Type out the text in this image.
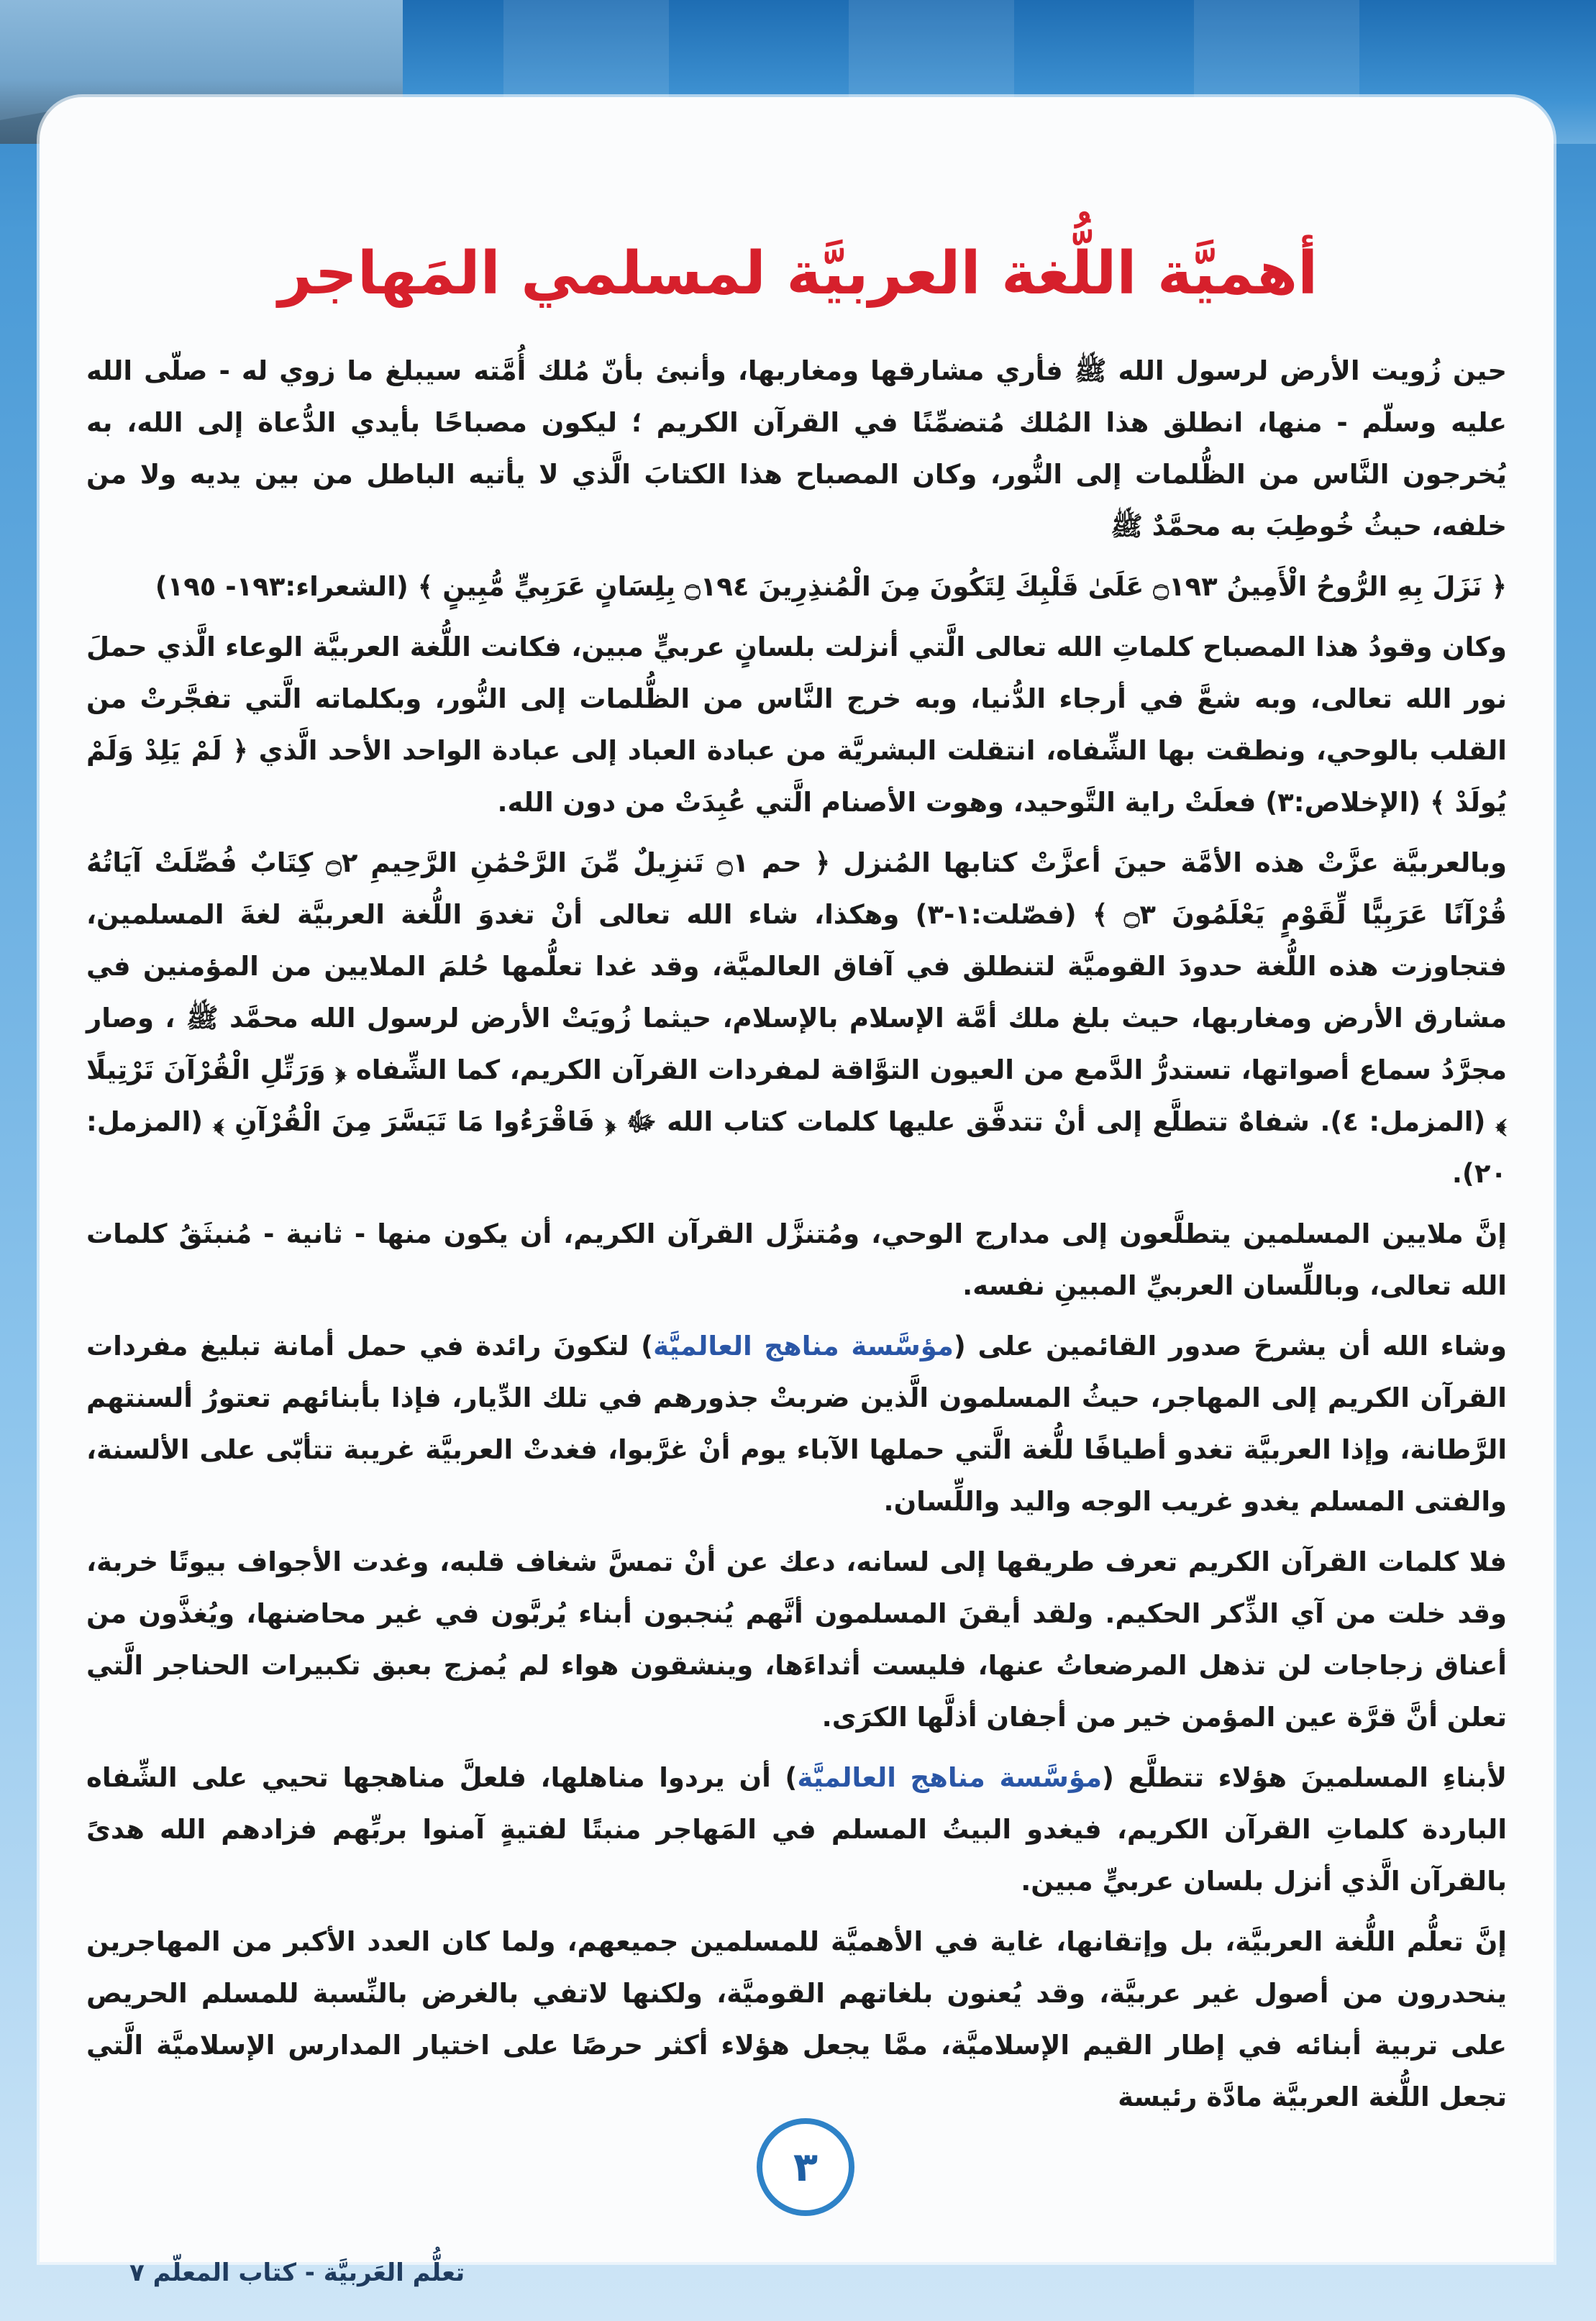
أهميَّة اللُّغة العربيَّة لمسلمي المَهاجر

حين زُويت الأرض لرسول الله ﷺ فأري مشارقها ومغاربها، وأنبئ بأنّ مُلك أُمَّته سيبلغ ما زوي له - صلّى الله عليه وسلّم - منها، انطلق هذا المُلك مُتضمِّنًا في القرآن الكريم ؛ ليكون مصباحًا بأيدي الدُّعاة إلى الله، به يُخرجون النَّاس من الظُّلمات إلى النُّور، وكان المصباح هذا الكتابَ الَّذي لا يأتيه الباطل من بين يديه ولا من خلفه، حيثُ خُوطِبَ به محمَّدٌ ﷺ

﴿ نَزَلَ بِهِ الرُّوحُ الْأَمِينُ ۝١٩٣ عَلَىٰ قَلْبِكَ لِتَكُونَ مِنَ الْمُنذِرِينَ ۝١٩٤ بِلِسَانٍ عَرَبِيٍّ مُّبِينٍ ﴾ (الشعراء:١٩٣- ١٩٥)

وكان وقودُ هذا المصباح كلماتِ الله تعالى الَّتي أنزلت بلسانٍ عربيٍّ مبين، فكانت اللُّغة العربيَّة الوعاء الَّذي حملَ نور الله تعالى، وبه شعَّ في أرجاء الدُّنيا، وبه خرج النَّاس من الظُّلمات إلى النُّور، وبكلماته الَّتي تفجَّرتْ من القلب بالوحي، ونطقت بها الشِّفاه، انتقلت البشريَّة من عبادة العباد إلى عبادة الواحد الأحد الَّذي ﴿ لَمْ يَلِدْ وَلَمْ يُولَدْ ﴾ (الإخلاص:٣) فعلَتْ راية التَّوحيد، وهوت الأصنام الَّتي عُبِدَتْ من دون الله.

وبالعربيَّة عزَّتْ هذه الأمَّة حينَ أعزَّتْ كتابها المُنزل ﴿ حم ۝١ تَنزِيلٌ مِّنَ الرَّحْمَٰنِ الرَّحِيمِ ۝٢ كِتَابٌ فُصِّلَتْ آيَاتُهُ قُرْآنًا عَرَبِيًّا لِّقَوْمٍ يَعْلَمُونَ ۝٣ ﴾ (فصّلت:١-٣) وهكذا، شاء الله تعالى أنْ تغدوَ اللُّغة العربيَّة لغةَ المسلمين، فتجاوزت هذه اللُّغة حدودَ القوميَّة لتنطلق في آفاق العالميَّة، وقد غدا تعلُّمها حُلمَ الملايين من المؤمنين في مشارق الأرض ومغاربها، حيث بلغ ملك أمَّة الإسلام بالإسلام، حيثما زُويَتْ الأرض لرسول الله محمَّد ﷺ ، وصار مجرَّدُ سماع أصواتها، تستدرُّ الدَّمع من العيون التوَّاقة لمفردات القرآن الكريم، كما الشِّفاه ﴿ وَرَتِّلِ الْقُرْآنَ تَرْتِيلًا ﴾ (المزمل: ٤). شفاهٌ تتطلَّع إلى أنْ تتدفَّق عليها كلمات كتاب الله ﷻ ﴿ فَاقْرَءُوا مَا تَيَسَّرَ مِنَ الْقُرْآنِ ﴾ (المزمل: ٢٠).

إنَّ ملايين المسلمين يتطلَّعون إلى مدارج الوحي، ومُتنزَّل القرآن الكريم، أن يكون منها - ثانية - مُنبثَقُ كلمات الله تعالى، وباللِّسان العربيِّ المبينِ نفسه.

وشاء الله أن يشرحَ صدور القائمين على (مؤسَّسة مناهج العالميَّة) لتكونَ رائدة في حمل أمانة تبليغ مفردات القرآن الكريم إلى المهاجر، حيثُ المسلمون الَّذين ضربتْ جذورهم في تلك الدِّيار، فإذا بأبنائهم تعتورُ ألسنتهم الرَّطانة، وإذا العربيَّة تغدو أطيافًا للُّغة الَّتي حملها الآباء يوم أنْ غرَّبوا، فغدتْ العربيَّة غريبة تتأبّى على الألسنة، والفتى المسلم يغدو غريب الوجه واليد واللِّسان.

فلا كلمات القرآن الكريم تعرف طريقها إلى لسانه، دعك عن أنْ تمسَّ شغاف قلبه، وغدت الأجواف بيوتًا خربة، وقد خلت من آي الذِّكر الحكيم. ولقد أيقنَ المسلمون أنَّهم يُنجبون أبناء يُربَّون في غير محاضنها، ويُغذَّون من أعناق زجاجات لن تذهل المرضعاتُ عنها، فليست أثداءَها، وينشقون هواء لم يُمزج بعبق تكبيرات الحناجر الَّتي تعلن أنَّ قرَّة عين المؤمن خير من أجفان أذلَّها الكرَى.

لأبناءِ المسلمينَ هؤلاء تتطلَّع (مؤسَّسة مناهج العالميَّة) أن يردوا مناهلها، فلعلَّ مناهجها تحيي على الشِّفاه الباردة كلماتِ القرآن الكريم، فيغدو البيتُ المسلم في المَهاجر منبتًا لفتيةٍ آمنوا بربِّهم فزادهم الله هدىً بالقرآن الَّذي أنزل بلسان عربيٍّ مبين.

إنَّ تعلُّم اللُّغة العربيَّة، بل وإتقانها، غاية في الأهميَّة للمسلمين جميعهم، ولما كان العدد الأكبر من المهاجرين ينحدرون من أصول غير عربيَّة، وقد يُعنون بلغاتهم القوميَّة، ولكنها لاتفي بالغرض بالنِّسبة للمسلم الحريص على تربية أبنائه في إطار القيم الإسلاميَّة، ممَّا يجعل هؤلاء أكثر حرصًا على اختيار المدارس الإسلاميَّة الَّتي تجعل اللُّغة العربيَّة مادَّة رئيسة

٣
تعلُّم العَربيَّة - كتاب المعلّم ٧
